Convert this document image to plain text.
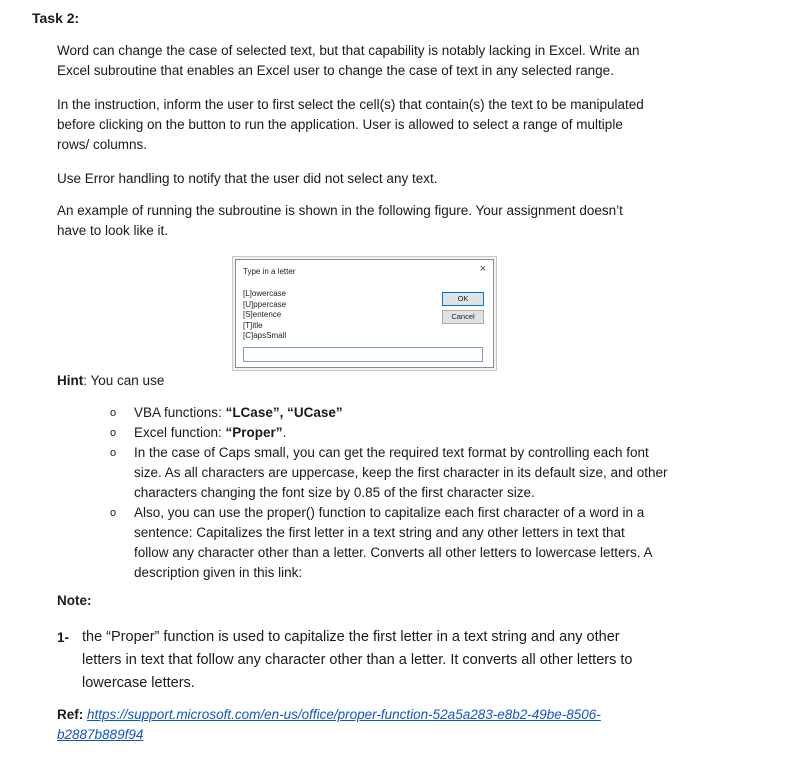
Task 2:
Word can change the case of selected text, but that capability is notably lacking in Excel. Write an
Excel subroutine that enables an Excel user to change the case of text in any selected range.
In the instruction, inform the user to first select the cell(s) that contain(s) the text to be manipulated
before clicking on the button to run the application. User is allowed to select a range of multiple
rows/ columns.
Use Error handling to notify that the user did not select any text.
An example of running the subroutine is shown in the following figure. Your assignment doesn’t
have to look like it.
Type in a letter	×
[L]owercase
[U]ppercase
[S]entence
[T]itle
[C]apsSmall
OK
Cancel
Hint: You can use
o VBA functions: “LCase”, “UCase”
o Excel function: “Proper”.
o In the case of Caps small, you can get the required text format by controlling each font
size. As all characters are uppercase, keep the first character in its default size, and other
characters changing the font size by 0.85 of the first character size.
o Also, you can use the proper() function to capitalize each first character of a word in a
sentence: Capitalizes the first letter in a text string and any other letters in text that
follow any character other than a letter. Converts all other letters to lowercase letters. A
description given in this link:
Note:
1- the “Proper” function is used to capitalize the first letter in a text string and any other
letters in text that follow any character other than a letter. It converts all other letters to
lowercase letters.
Ref: https://support.microsoft.com/en-us/office/proper-function-52a5a283-e8b2-49be-8506-
b2887b889f94
